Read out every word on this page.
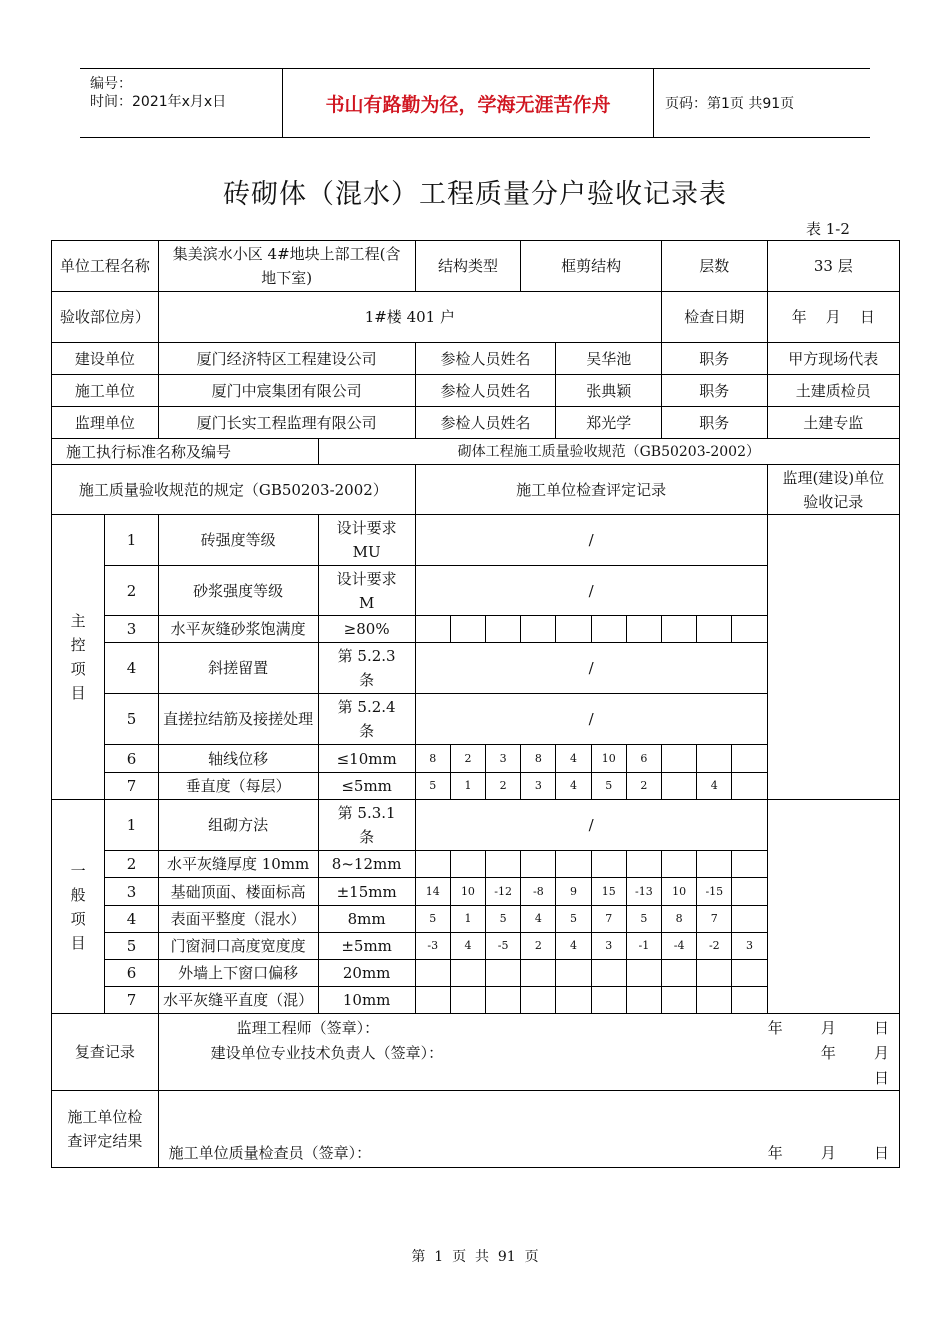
编号：
时间：2021年x月x日	书山有路勤为径，学海无涯苦作舟	页码：第1页 共91页
砖砌体（混水）工程质量分户验收记录表
表 1-2
单位工程名称		集美滨水小区 4#地块上部工程(含地下室)		结构类型			框剪结构				层数			33 层
验收部位房）		1#楼 401 户									检查日期			年    月    日
建设单位		厦门经济特区工程建设公司		参检人员姓名				吴华池			职务			甲方现场代表
施工单位		厦门中宸集团有限公司		参检人员姓名				张典颖			职务			土建质检员
监理单位		厦门长实工程监理有限公司		参检人员姓名				郑光学			职务			土建专监
施工执行标准名称及编号			砌体工程施工质量验收规范（GB50203-2002）											
施工质量验收规范的规定（GB50203-2002）				施工单位检查评定记录										监理(建设)单位验收记录
主控项目	1	砖强度等级	设计要求 MU	/										
	2	砂浆强度等级	设计要求 M	/										
	3	水平灰缝砂浆饱满度	≥80%											
	4	斜搓留置	第 5.2.3 条	/										
	5	直搓拉结筋及接搓处理	第 5.2.4 条	/										
	6	轴线位移	≤10mm	8	2	3	8	4	10	6				
	7	垂直度（每层）	≤5mm	5	1	2	3	4	5	2		4		
一般项目	1	组砌方法	第 5.3.1 条	/										
	2	水平灰缝厚度 10mm	8~12mm											
	3	基础顶面、楼面标高	±15mm	14	10	-12	-8	9	15	-13	10	-15		
	4	表面平整度（混水）	8mm	5	1	5	4	5	7	5	8	7		
	5	门窗洞口高度宽度度	±5mm	-3	4	-5	2	4	3	-1	-4	-2	3	
	6	外墙上下窗口偏移	20mm											
	7	水平灰缝平直度（混）	10mm											
复查记录		监理工程师（签章）： 年        月        日
建设单位专业技术负责人（签章）： 年        月
日												

施工单位检查评定结果		施工单位质量检查员（签章）： 年        月        日												
第  1  页  共  91  页
